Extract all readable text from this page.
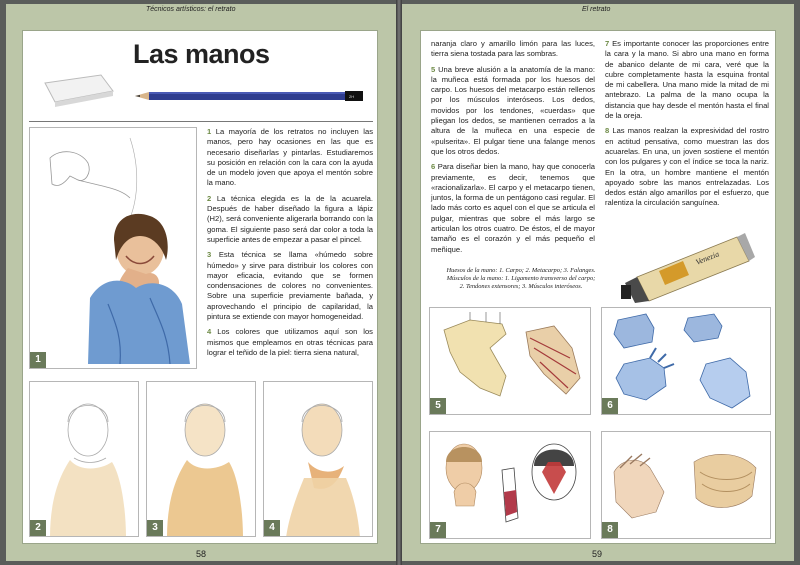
Técnicos artísticos: el retrato
Las manos
2H
1

1 La mayoría de los retratos no incluyen las manos, pero hay ocasiones en las que es necesario diseñarlas y pintarlas. Estudiaremos su posición en relación con la cara con la ayuda de un modelo joven que apoya el mentón sobre la mano.

2 La técnica elegida es la de la acuarela. Después de haber diseñado la figura a lápiz (H2), será conveniente aligerarla borrando con la goma. El siguiente paso será dar color a toda la superficie antes de empezar a pasar el pincel.

3 Esta técnica se llama «húmedo sobre húmedo» y sirve para distribuir los colores con mayor eficacia, evitando que se formen condensaciones de colores no convenientes. Sobre una superficie previamente bañada, y aprovechando el principio de capilaridad, la pintura se extiende con mayor homogeneidad.

4 Los colores que utilizamos aquí son los mismos que empleamos en otras técnicas para lograr el teñido de la piel: tierra siena natural,

2	3	4
58
El retrato

naranja claro y amarillo limón para las luces, tierra siena tostada para las sombras.

5 Una breve alusión a la anatomía de la mano: la muñeca está formada por los huesos del carpo. Los huesos del metacarpo están rellenos por los músculos interóseos. Los dedos, movidos por los tendones, «cuerdas» que pliegan los dedos, se mantienen cerrados a la altura de la muñeca en una especie de «pulserita». El pulgar tiene una falange menos que los otros dedos.

6 Para diseñar bien la mano, hay que conocerla previamente, es decir, tenemos que «racionalizarla». El carpo y el metacarpo tienen, juntos, la forma de un pentágono casi regular. El lado más corto es aquel con el que se articula el pulgar, mientras que sobre el más largo se articulan los otros cuatro. De éstos, el de mayor tamaño es el corazón y el más pequeño el meñique.

7 Es importante conocer las proporciones entre la cara y la mano. Si abro una mano en forma de abanico delante de mi cara, veré que la cubre completamente hasta la esquina frontal de mi cabellera. Una mano mide la mitad de mi antebrazo. La palma de la mano ocupa la distancia que hay desde el mentón hasta el final de la oreja.

8 Las manos realzan la expresividad del rostro en actitud pensativa, como muestran las dos acuarelas. En una, un joven sostiene el mentón con los pulgares y con el índice se toca la nariz. En la otra, un hombre mantiene el mentón apoyado sobre las manos entrelazadas. Los dedos están algo amarillos por el esfuerzo, que ralentiza la circulación sanguínea.

Venezia
Huesos de la mano: 1. Carpo; 2. Metacarpo; 3. Falanges.
Músculos de la mano: 1. Ligamento transverso del carpo;
2. Tendones extensores; 3. Músculos interóseos.
5	6
7	8
59
